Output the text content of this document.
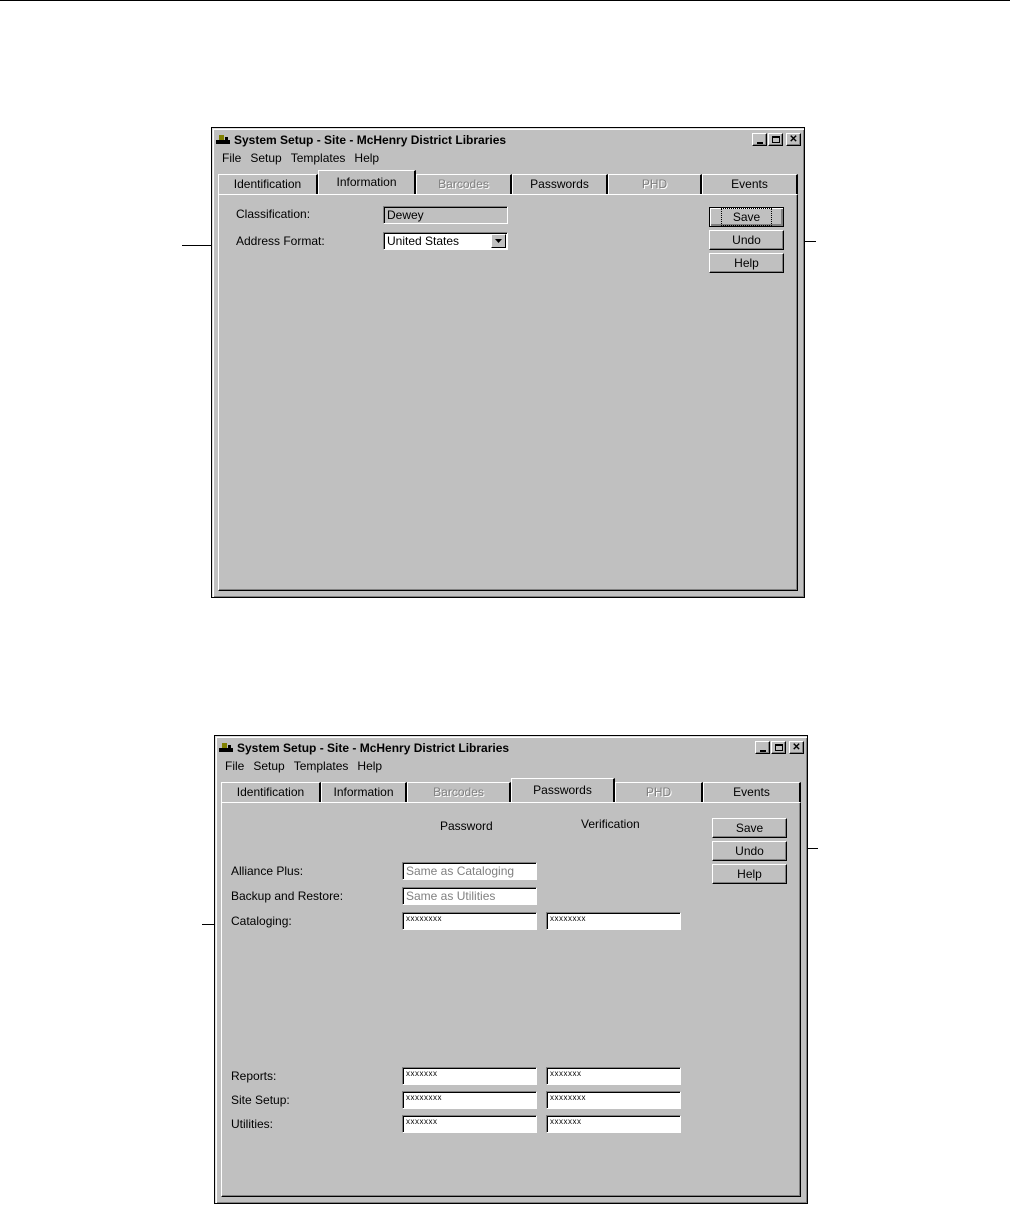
System Setup - Site - McHenry District Libraries	✕
File Setup Templates Help
Identification	Information	Barcodes	Passwords	PHD	Events
Classification:	Dewey
Address Format:	United States
Save
Undo
Help
System Setup - Site - McHenry District Libraries	✕
File Setup Templates Help
Identification	Information	Barcodes	Passwords	PHD	Events
Password	Verification
Alliance Plus:	Same as Cataloging
Backup and Restore:	Same as Utilities
Cataloging:	xxxxxxxx	xxxxxxxx
Reports:	xxxxxxx	xxxxxxx
Site Setup:	xxxxxxxx	xxxxxxxx
Utilities:	xxxxxxx	xxxxxxx
Save
Undo
Help
